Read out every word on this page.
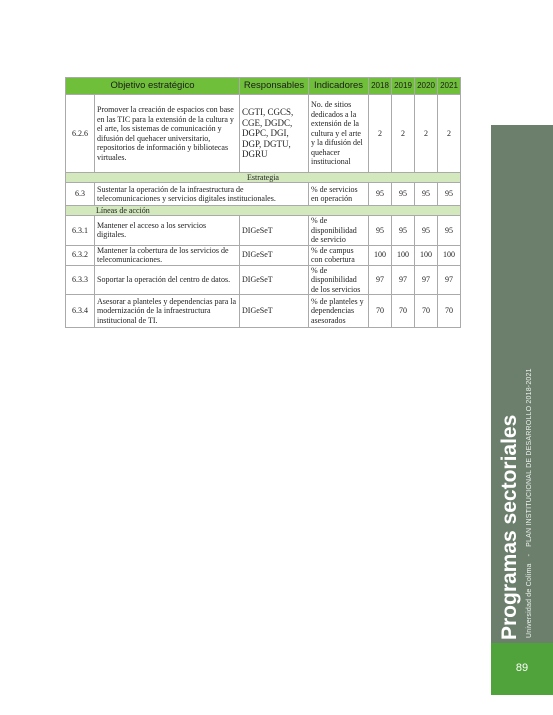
Objetivo estratégico		Responsables	Indicadores	2018	2019	2020	2021
6.2.6	Promover la creación de espacios con base en las TIC para la extensión de la cultura y el arte, los sistemas de comunicación y difusión del quehacer universitario, repositorios de información y bibliotecas virtuales.	CGTI, CGCS, CGE, DGDC, DGPC, DGI, DGP, DGTU, DGRU	No. de sitios dedicados a la extensión de la cultura y el arte y la difusión del quehacer institucional	2	2	2	2
Estrategia							
6.3	Sustentar la operación de la infraestructura de telecomunicaciones y servicios digitales institucionales.		% de servicios en operación	95	95	95	95
Líneas de acción							
6.3.1	Mantener el acceso a los servicios digitales.	DIGeSeT	% de disponibilidad de servicio	95	95	95	95
6.3.2	Mantener la cobertura de los servicios de telecomunicaciones.	DIGeSeT	% de campus con cobertura	100	100	100	100
6.3.3	Soportar la operación del centro de datos.	DIGeSeT	% de disponibilidad de los servicios	97	97	97	97
6.3.4	Asesorar a planteles y dependencias para la modernización de la infraestructura institucional de TI.	DIGeSeT	% de planteles y dependencias asesorados	70	70	70	70
89
Programas sectoriales Universidad de Colima-PLAN INSTITUCIONAL DE DESARROLLO 2018-2021
